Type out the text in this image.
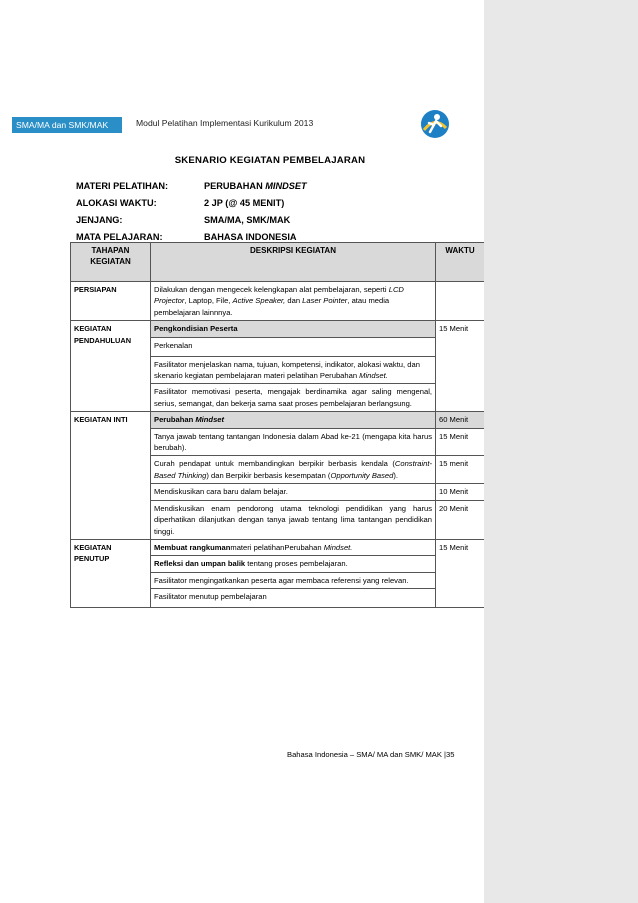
SMA/MA dan SMK/MAK	Modul Pelatihan Implementasi Kurikulum 2013
SKENARIO KEGIATAN PEMBELAJARAN
MATERI PELATIHAN:	PERUBAHAN MINDSET
ALOKASI WAKTU:	2 JP (@ 45 MENIT)
JENJANG:	SMA/MA, SMK/MAK
MATA PELAJARAN:	BAHASA INDONESIA
TAHAPAN KEGIATAN	DESKRIPSI KEGIATAN	WAKTU
PERSIAPAN	Dilakukan dengan mengecek kelengkapan alat pembelajaran, seperti LCD Projector, Laptop, File, Active Speaker, dan Laser Pointer, atau media pembelajaran lainnnya.	
KEGIATAN PENDAHULUAN	Pengkondisian Peserta	15 Menit
	Perkenalan	
	Fasilitator menjelaskan nama, tujuan, kompetensi, indikator, alokasi waktu, dan skenario kegiatan pembelajaran materi pelatihan Perubahan Mindset.	
	Fasilitator memotivasi peserta, mengajak berdinamika agar saling mengenal, serius, semangat, dan bekerja sama saat proses pembelajaran berlangsung.	
KEGIATAN INTI	Perubahan Mindset	60 Menit
	Tanya jawab tentang tantangan Indonesia dalam Abad ke-21 (mengapa kita harus berubah).	15 Menit
	Curah pendapat untuk membandingkan berpikir berbasis kendala (Constraint-Based Thinking) dan Berpikir berbasis kesempatan (Opportunity Based).	15 menit
	Mendiskusikan cara baru dalam belajar.	10 Menit
	Mendiskusikan enam pendorong utama teknologi pendidikan yang harus diperhatikan dilanjutkan dengan tanya jawab tentang lima tantangan pendidikan tinggi.	20 Menit
KEGIATAN PENUTUP	Membuat rangkumanmateri pelatihanPerubahan Mindset.	15 Menit
	Refleksi dan umpan balik tentang proses pembelajaran.	
	Fasilitator mengingatkankan peserta agar membaca referensi yang relevan.	
	Fasilitator menutup pembelajaran	
Bahasa Indonesia – SMA/ MA dan SMK/ MAK |35
